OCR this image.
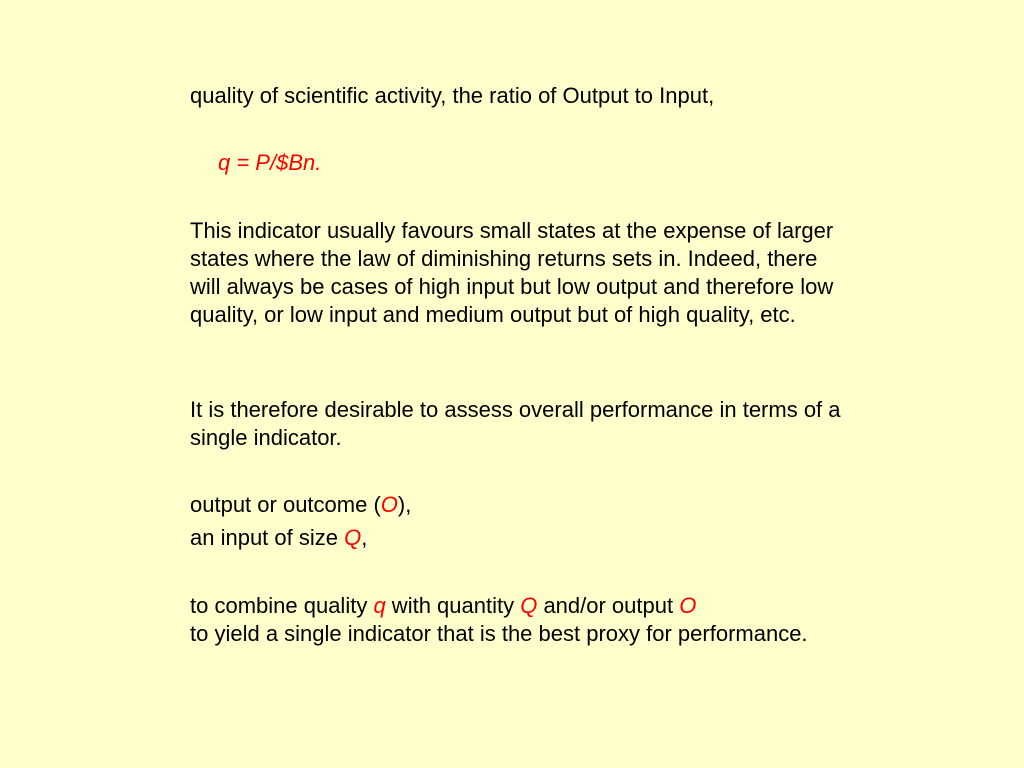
quality of scientific activity, the ratio of Output to Input,

q = P/$Bn.

This indicator usually favours small states at the expense of larger states where the law of diminishing returns sets in. Indeed, there will always be cases of high input but low output and therefore low quality, or low input and medium output but of high quality, etc.

It is therefore desirable to assess overall performance in terms of a single indicator.

output or outcome (O),

an input of size Q,

to combine quality q with quantity Q and/or output O
to yield a single indicator that is the best proxy for performance.
